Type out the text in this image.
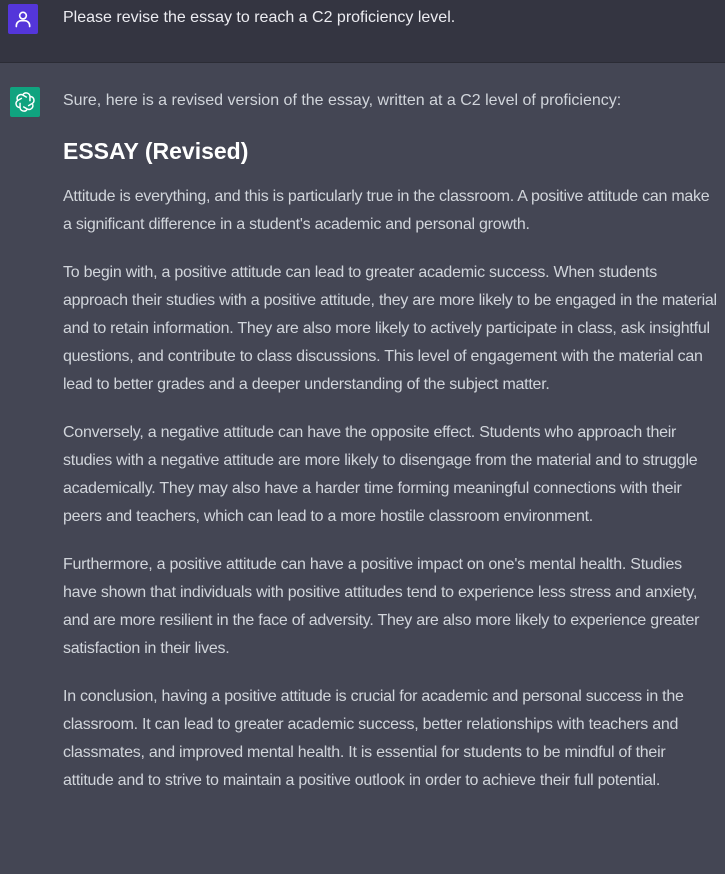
Please revise the essay to reach a C2 proficiency level.

Sure, here is a revised version of the essay, written at a C2 level of proficiency:

ESSAY (Revised)

Attitude is everything, and this is particularly true in the classroom. A positive attitude can make a significant difference in a student's academic and personal growth.

To begin with, a positive attitude can lead to greater academic success. When students approach their studies with a positive attitude, they are more likely to be engaged in the material and to retain information. They are also more likely to actively participate in class, ask insightful questions, and contribute to class discussions. This level of engagement with the material can lead to better grades and a deeper understanding of the subject matter.

Conversely, a negative attitude can have the opposite effect. Students who approach their studies with a negative attitude are more likely to disengage from the material and to struggle academically. They may also have a harder time forming meaningful connections with their peers and teachers, which can lead to a more hostile classroom environment.

Furthermore, a positive attitude can have a positive impact on one's mental health. Studies have shown that individuals with positive attitudes tend to experience less stress and anxiety, and are more resilient in the face of adversity. They are also more likely to experience greater satisfaction in their lives.

In conclusion, having a positive attitude is crucial for academic and personal success in the classroom. It can lead to greater academic success, better relationships with teachers and classmates, and improved mental health. It is essential for students to be mindful of their attitude and to strive to maintain a positive outlook in order to achieve their full potential.
